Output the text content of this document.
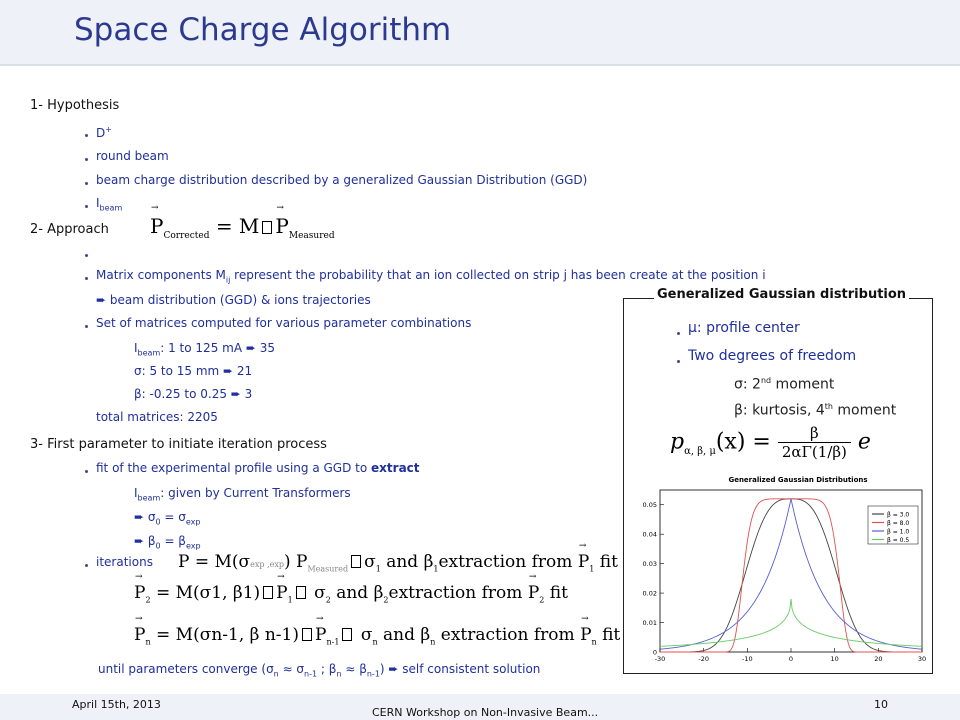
Space Charge Algorithm
1- Hypothesis
D+
round beam
beam charge distribution described by a generalized Gaussian Distribution (GGD)
$I_{beam}$
2- Approach → $P_{Corrected} = M \to P_{Measured}$
Matrix components $M_{ij}$ represent the probability that an ion collected on strip j has been create at the position i
➨ beam distribution (GGD) & ions trajectories
Set of matrices computed for various parameter combinations
$I_{beam}$: 1 to 125 mA ➨ 35
σ: 5 to 15 mm ➨ 21
β: -0.25 to 0.25 ➨ 3
total matrices: 2205
3- First parameter to initiate iteration process
fit of the experimental profile using a GGD to extract
$I_{beam}$: given by Current Transformers
➨ $\sigma_0 = \sigma_{exp}$
➨ $\beta_0 = \beta_{exp}$
iterations P = M(σexp ,exp) $P_{Measured}$ $\sigma_1$ and $\beta_1extraction$ from → $P_1$ fit
→ $P_2 = M(\sigma 1$, $\beta 1) \to P_1$ $\sigma_2$ and $\beta_2extraction$ from → $P_2$ fit
→ $P_n = M(\sigma n-1$, β $n-1) \to P_{n-1}$ $\sigma_n$ and $\beta_n$ extraction from → $P_n$ fit
until parameters converge ($\sigma_n \approx \sigma_{n-1}$ ; $\beta_n \approx \beta_{n-1}$) ➨ self consistent solution
Generalized Gaussian distribution
μ: profile center
Two degrees of freedom
σ: 2nd moment
β: kurtosis, 4th moment
$p_{\alpha, \beta, \mu}(x) = \frac{\beta}{2\alpha\Gamma(1/\beta)}$ e
Generalized Gaussian Distributions
0
0.01
0.02
0.03
0.04
0.05
-30	-20	-10	0	10	20	30
β = 3.0
β = 8.0
β = 1.0
β = 0.5
April 15th, 2013
CERN Workshop on Non-Invasive Beam...
10
